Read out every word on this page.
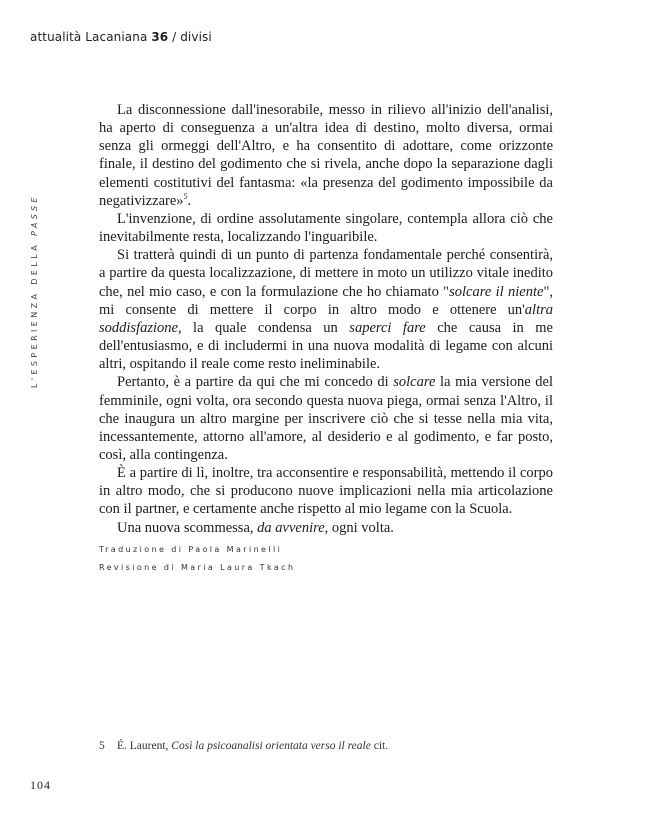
attualità Lacaniana 36 / divisi
L'ESPERIENZA DELLA PASSE

La disconnessione dall'inesorabile, messo in rilievo all'inizio dell'analisi, ha aperto di conseguenza a un'altra idea di destino, molto diversa, ormai senza gli ormeggi dell'Altro, e ha consentito di adottare, come orizzonte finale, il destino del godimento che si rivela, anche dopo la separazione dagli elementi costitutivi del fantasma: «la presenza del godimento impossibile da negativizzare»$^5$.

L'invenzione, di ordine assolutamente singolare, contempla allora ciò che inevitabilmente resta, localizzando l'inguaribile.

Si tratterà quindi di un punto di partenza fondamentale perché consentirà, a partire da questa localizzazione, di mettere in moto un utilizzo vitale inedito che, nel mio caso, e con la formulazione che ho chiamato "solcare il niente", mi consente di mettere il corpo in altro modo e ottenere un'altra soddisfazione, la quale condensa un saperci fare che causa in me dell'entusiasmo, e di includermi in una nuova modalità di legame con alcuni altri, ospitando il reale come resto ineliminabile.

Pertanto, è a partire da qui che mi concedo di solcare la mia versione del femminile, ogni volta, ora secondo questa nuova piega, ormai senza l'Altro, il che inaugura un altro margine per inscrivere ciò che si tesse nella mia vita, incessantemente, attorno all'amore, al desiderio e al godimento, e far posto, così, alla contingenza.

È a partire di lì, inoltre, tra acconsentire e responsabilità, mettendo il corpo in altro modo, che si producono nuove implicazioni nella mia articolazione con il partner, e certamente anche rispetto al mio legame con la Scuola.

Una nuova scommessa, da avvenire, ogni volta.

Traduzione di Paola Marinelli
Revisione di Maria Laura Tkach
5 É. Laurent, Così la psicoanalisi orientata verso il reale cit.
104
